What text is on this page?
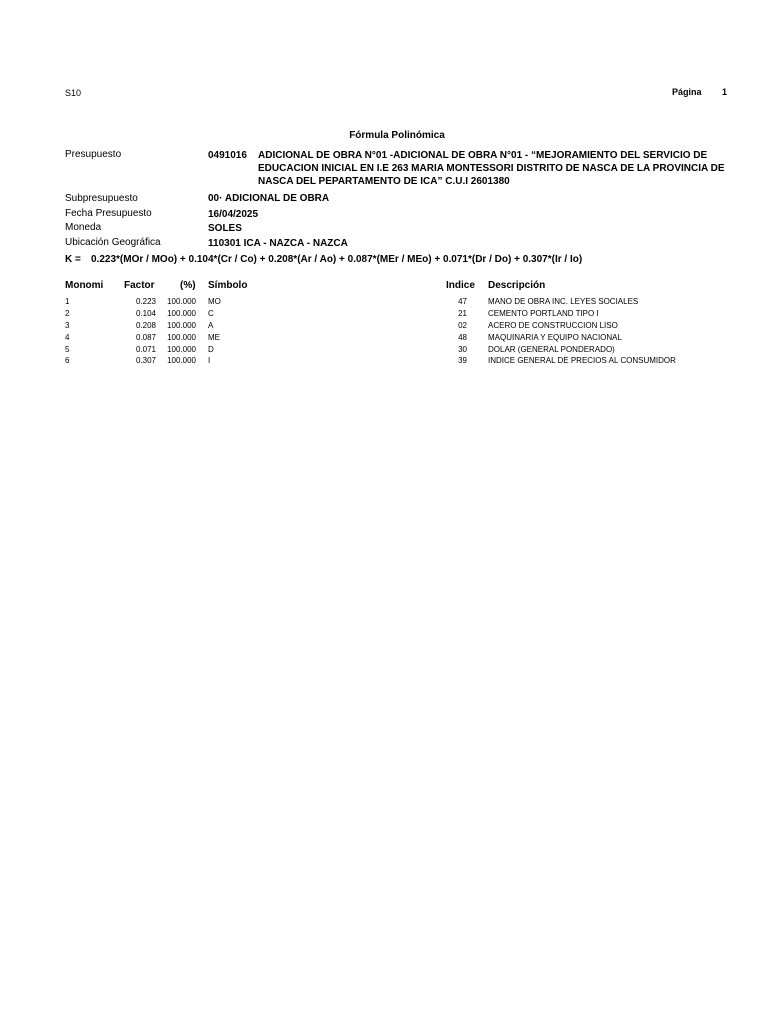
S10	Página 1
Fórmula Polinómica
Presupuesto	0491016 ADICIONAL DE OBRA N°01 -ADICIONAL DE OBRA N°01 - “MEJORAMIENTO DEL SERVICIO DE EDUCACION INICIAL EN I.E 263 MARIA MONTESSORI DISTRITO DE NASCA DE LA PROVINCIA DE NASCA DEL PEPARTAMENTO DE ICA” C.U.I 2601380
Subpresupuesto	00· ADICIONAL DE OBRA
Fecha Presupuesto	16/04/2025
Moneda	SOLES
Ubicación Geográfica	110301 ICA - NAZCA - NAZCA
K = 0.223*(MOr / MOo) + 0.104*(Cr / Co) + 0.208*(Ar / Ao) + 0.087*(MEr / MEo) + 0.071*(Dr / Do) + 0.307*(Ir / Io)
Monomi Factor	(%) Símbolo	Indice Descripción
1	0.223	100.000 MO	47	MANO DE OBRA INC. LEYES SOCIALES
2	0.104	100.000 C	21	CEMENTO PORTLAND TIPO I
3	0.208	100.000 A	02	ACERO DE CONSTRUCCION LISO
4	0.087	100.000 ME	48	MAQUINARIA Y EQUIPO NACIONAL
5	0.071	100.000 D	30	DOLAR (GENERAL PONDERADO)
6	0.307	100.000 I	39	INDICE GENERAL DE PRECIOS AL CONSUMIDOR
